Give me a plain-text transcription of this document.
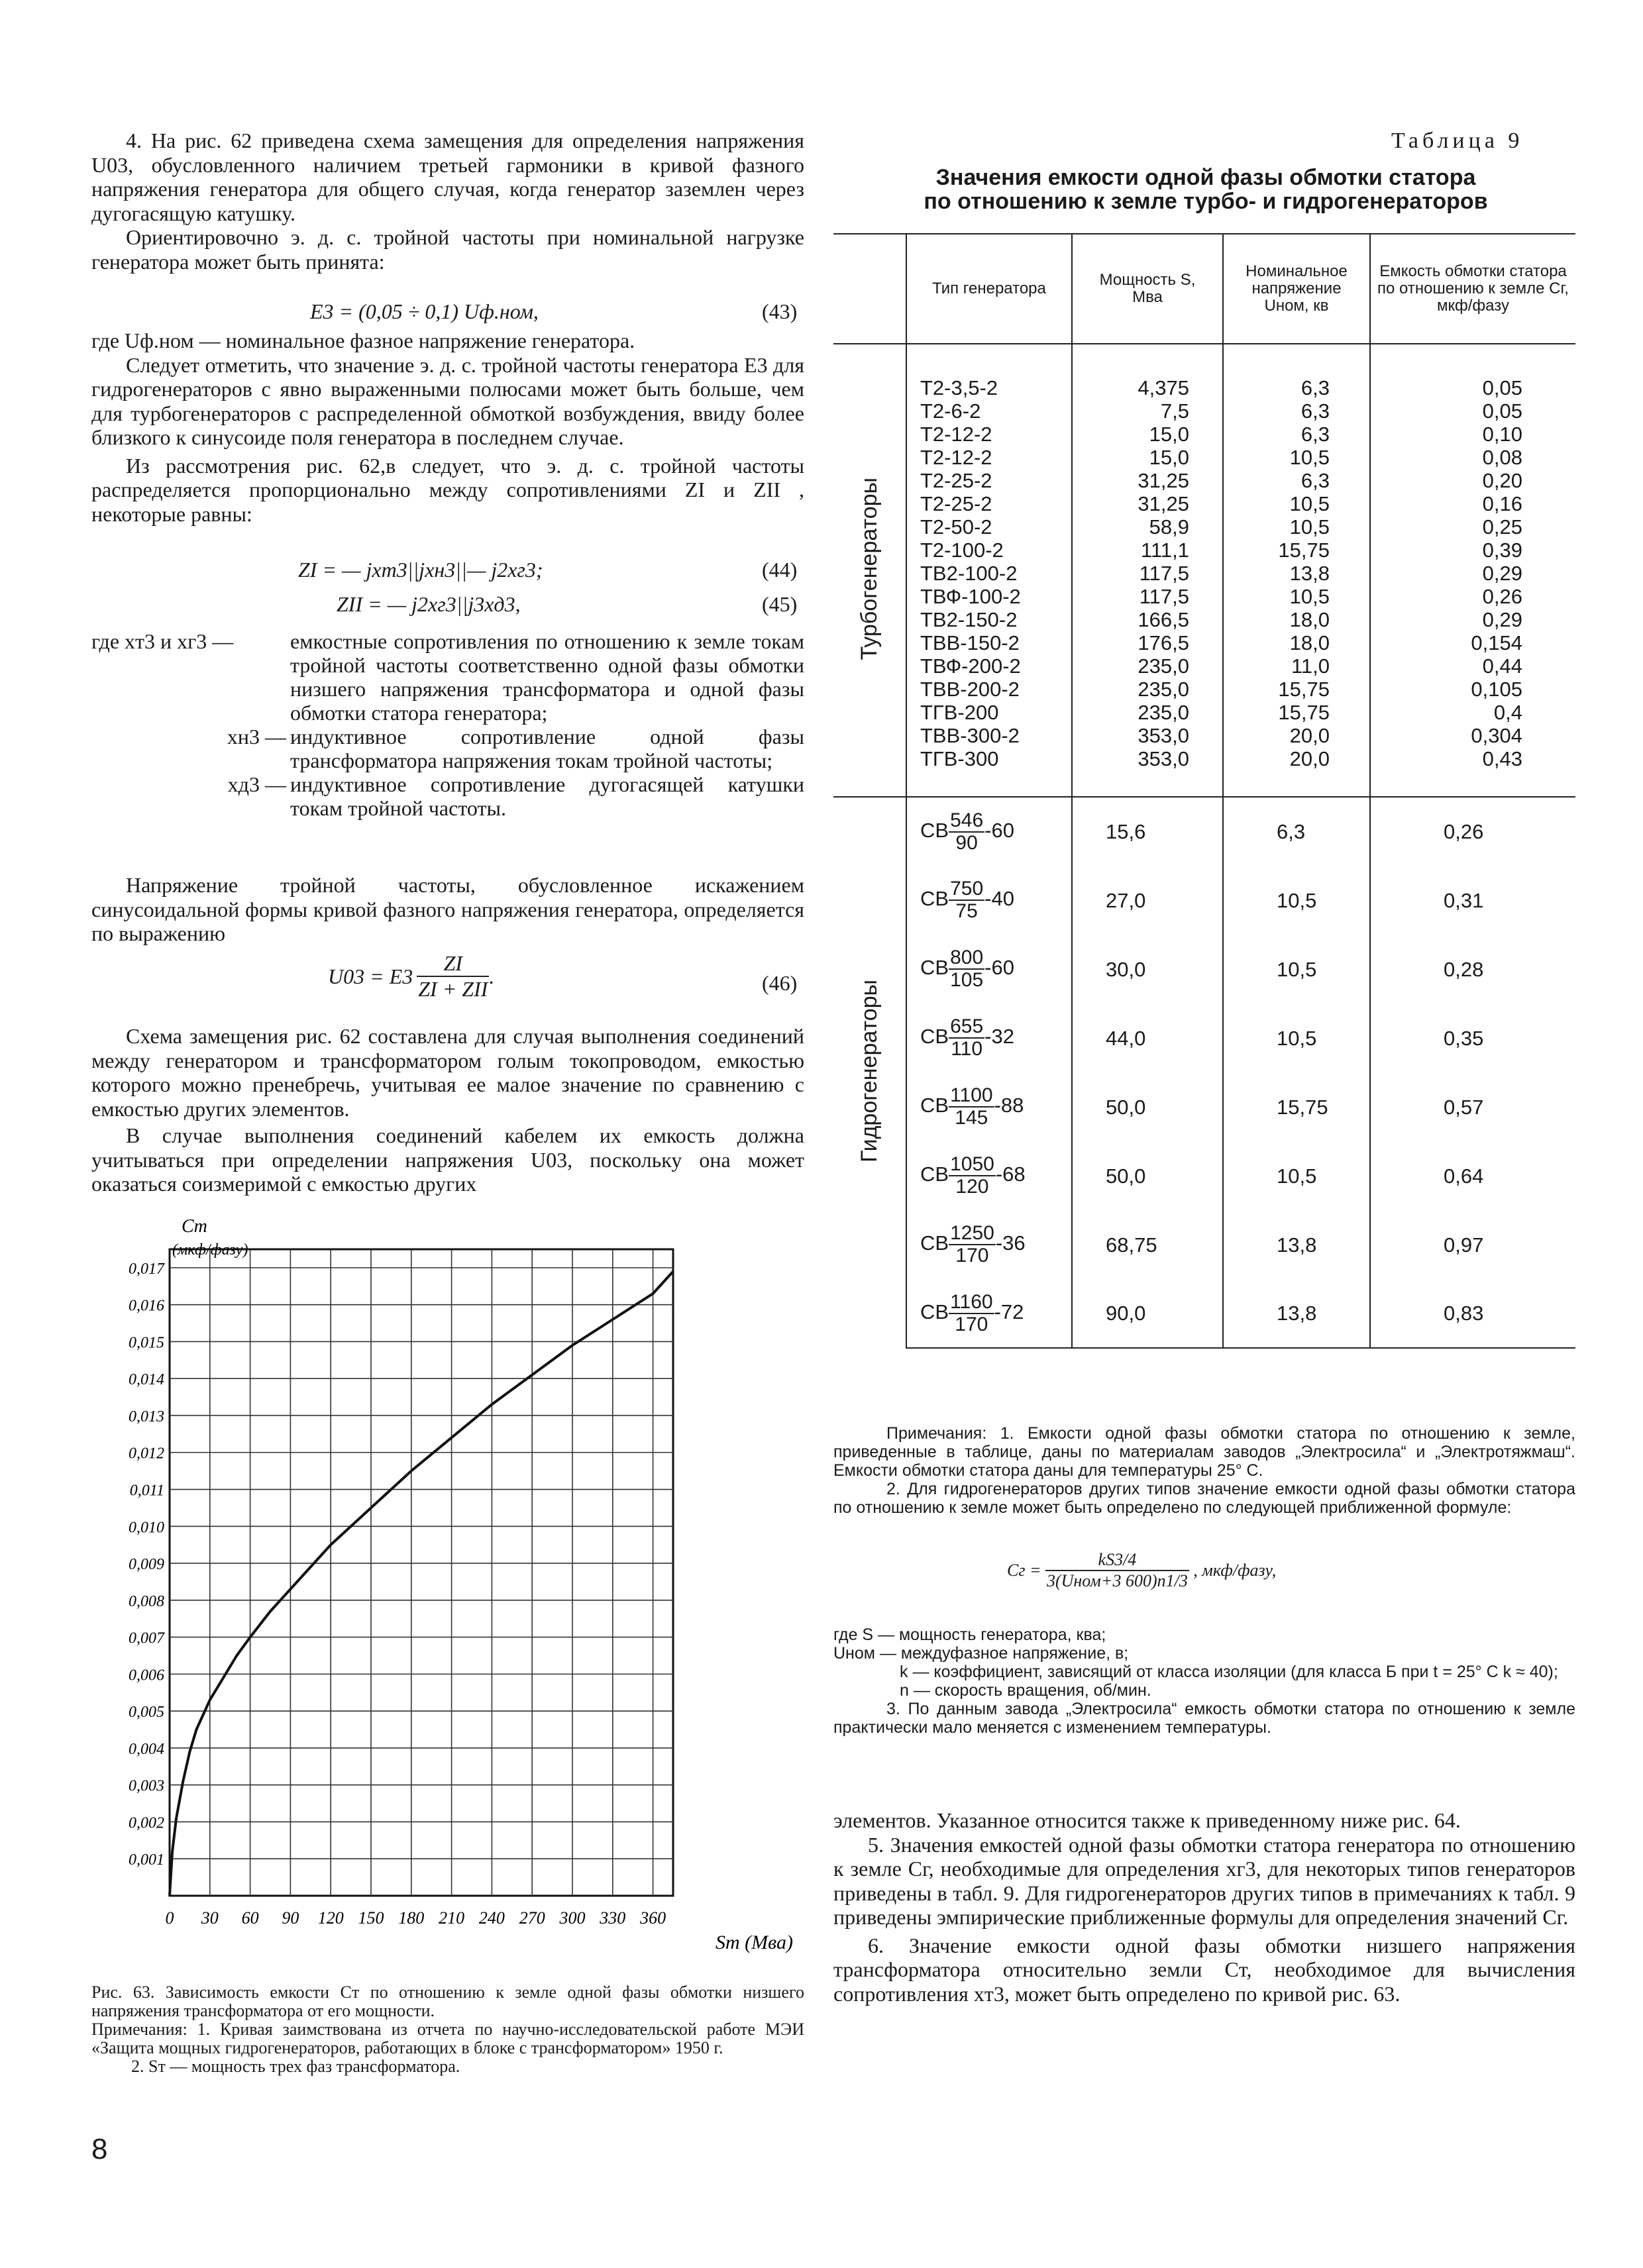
4. На рис. 62 приведена схема замещения для определения напряжения U03, обусловленного наличием третьей гармоники в кривой фазного напряжения генератора для общего случая, когда генератор заземлен через дугогасящую катушку.

Ориентировочно э. д. с. тройной частоты при номинальной нагрузке генератора может быть принята:

E3 = (0,05 ÷ 0,1) Uф.ном,	(43)

где Uф.ном — номинальное фазное напряжение генератора.

Следует отметить, что значение э. д. с. тройной частоты генератора E3 для гидрогенераторов с явно выраженными полюсами может быть больше, чем для турбогенераторов с распределенной обмоткой возбуждения, ввиду более близкого к синусоиде поля генератора в последнем случае.

Из рассмотрения рис. 62,в следует, что э. д. с. тройной частоты распределяется пропорционально между сопротивлениями ZI и ZII , некоторые равны:

ZI = — jxт3||jxн3||— j2xг3;	(44)
ZII = — j2xг3||j3xд3,	(45)
где xт3 и xг3 —	емкостные сопротивления по отношению к земле токам тройной частоты соответственно одной фазы обмотки низшего напряжения трансформатора и одной фазы обмотки статора генератора;
xн3 — индуктивное сопротивление одной фазы трансформатора напряжения токам тройной частоты;
xд3 — индуктивное сопротивление дугогасящей катушки токам тройной частоты.

Напряжение тройной частоты, обусловленное искажением синусоидальной формы кривой фазного напряжения генератора, определяется по выражению

$U03 = E3 \frac{ZI}{\text{ZI + ZII}}$ .	(46)

Схема замещения рис. 62 составлена для случая выполнения соединений между генератором и трансформатором голым токопроводом, емкостью которого можно пренебречь, учитывая ее малое значение по сравнению с емкостью других элементов.

В случае выполнения соединений кабелем их емкость должна учитываться при определении напряжения U03, поскольку она может оказаться соизмеримой с емкостью других

0,001
0,002
0,003
0,004
0,005
0,006
0,007
0,008
0,009
0,010
0,011
0,012
0,013
0,014
0,015
0,016
0,017
0 30 60 90 120 150 180 210 240 270 300 330 360
Cт
(мкф/фазу)
Sт (Мва)
Рис. 63. Зависимость емкости Cт по отношению к земле одной фазы обмотки низшего напряжения трансформатора от его мощности.
Примечания: 1. Кривая заимствована из отчета по научно-исследовательской работе МЭИ «Защита мощных гидрогенераторов, работающих в блоке с трансформатором» 1950 г.
2. Sт — мощность трех фаз трансформатора.
8
Таблица 9
Значения емкости одной фазы обмотки статора
по отношению к земле турбо- и гидрогенераторов
	Тип генератора	Мощность S, Мва	Номинальное напряжение Uном, кв	Емкость обмотки статора по отношению к земле Cг, мкф/фазу
Турбогенераторы	Т2-3,5-2	4,375	6,3	0,05
	Т2-6-2	7,5	6,3	0,05
	Т2-12-2	15,0	6,3	0,10
	Т2-12-2	15,0	10,5	0,08
	Т2-25-2	31,25	6,3	0,20
	Т2-25-2	31,25	10,5	0,16
	Т2-50-2	58,9	10,5	0,25
	Т2-100-2	111,1	15,75	0,39
	ТВ2-100-2	117,5	13,8	0,29
	ТВФ-100-2	117,5	10,5	0,26
	ТВ2-150-2	166,5	18,0	0,29
	ТВВ-150-2	176,5	18,0	0,154
	ТВФ-200-2	235,0	11,0	0,44
	ТВВ-200-2	235,0	15,75	0,105
	ТГВ-200	235,0	15,75	0,4
	ТВВ-300-2	353,0	20,0	0,304
	ТГВ-300	353,0	20,0	0,43

Гидрогенераторы	СВ $\frac{546}{90} -60$	15,6	6,3	0,26
	СВ $\frac{750}{75} -40$	27,0	10,5	0,31
	СВ $\frac{800}{105} -60$	30,0	10,5	0,28
	СВ $\frac{655}{110} -32$	44,0	10,5	0,35
	СВ $\frac{1100}{145} -88$	50,0	15,75	0,57
	СВ $\frac{1050}{120} -68$	50,0	10,5	0,64
	СВ $\frac{1250}{170} -36$	68,75	13,8	0,97
	СВ $\frac{1160}{170} -72$	90,0	13,8	0,83
Примечания: 1. Емкости одной фазы обмотки статора по отношению к земле, приведенные в таблице, даны по материалам заводов „Электросила“ и „Электротяжмаш“. Емкости обмотки статора даны для температуры 25° С.
2. Для гидрогенераторов других типов значение емкости одной фазы обмотки статора по отношению к земле может быть определено по следующей приближенной формуле:
Cг = $\frac{kS3/4}{\text{3(Uном+3 600)n1/3}}$ , мкф/фазу,
где S — мощность генератора, ква;
Uном — междуфазное напряжение, в;
k — коэффициент, зависящий от класса изоляции (для класса Б при t = 25° С k ≈ 40);
n — скорость вращения, об/мин.
3. По данным завода „Электросила“ емкость обмотки статора по отношению к земле практически мало меняется с изменением температуры.

элементов. Указанное относится также к приведенному ниже рис. 64.

5. Значения емкостей одной фазы обмотки статора генератора по отношению к земле Cг, необходимые для определения xг3, для некоторых типов генераторов приведены в табл. 9. Для гидрогенераторов других типов в примечаниях к табл. 9 приведены эмпирические приближенные формулы для определения значений Cг.

6. Значение емкости одной фазы обмотки низшего напряжения трансформатора относительно земли Cт, необходимое для вычисления сопротивления xт3, может быть определено по кривой рис. 63.
